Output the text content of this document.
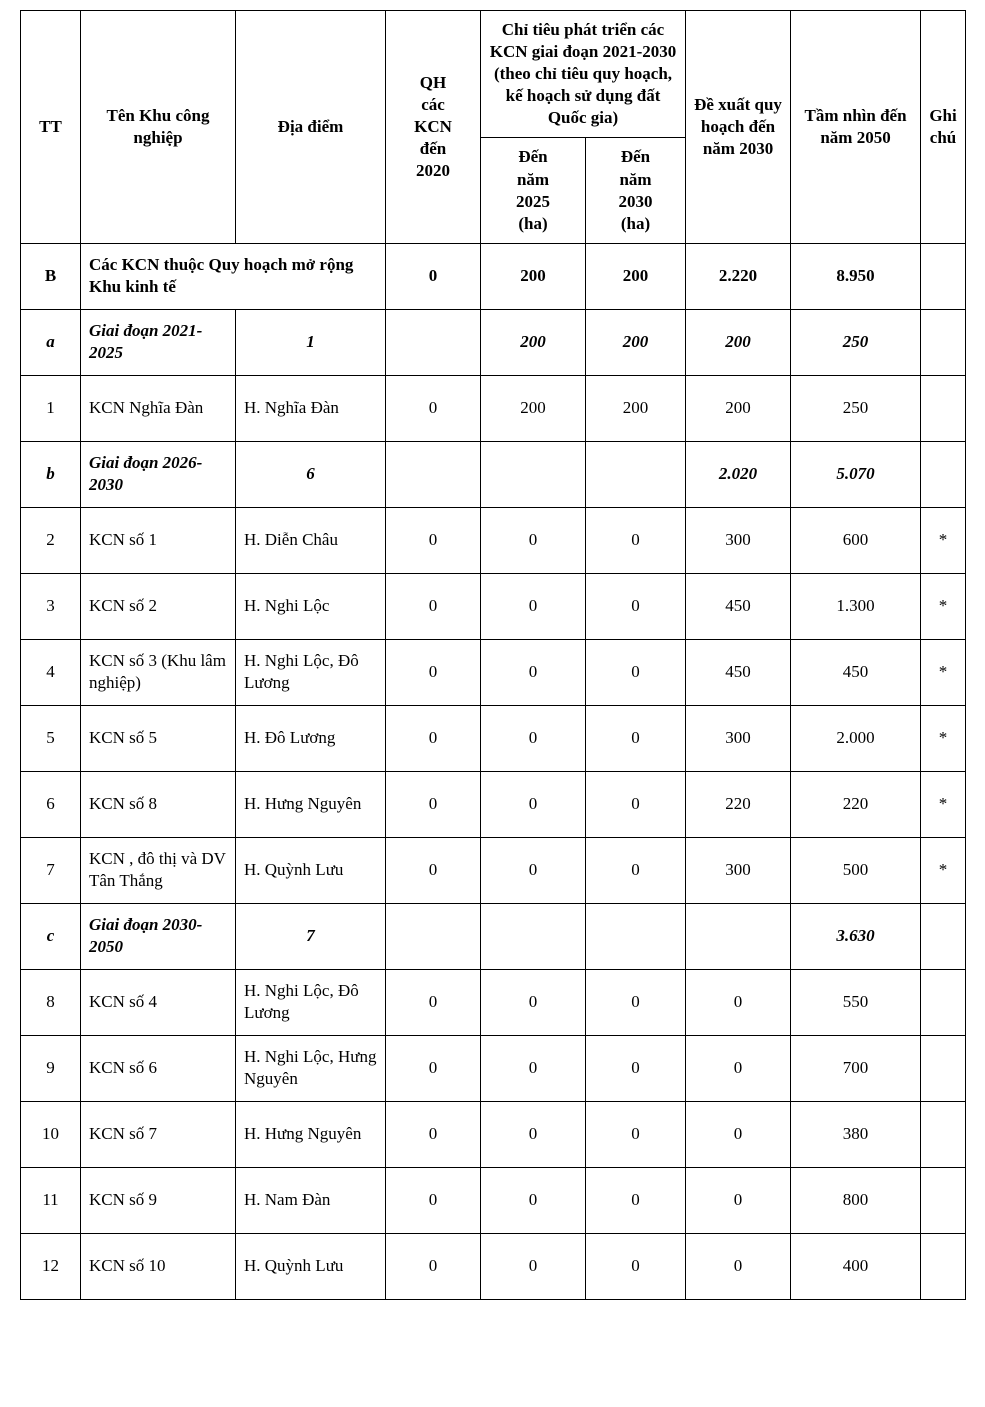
TT	Tên Khu công nghiệp	Địa điểm	QH các KCN đến 2020	Chỉ tiêu phát triển các KCN giai đoạn 2021-2030 (theo chỉ tiêu quy hoạch, kế hoạch sử dụng đất Quốc gia)		Đề xuất quy hoạch đến năm 2030	Tầm nhìn đến năm 2050	Ghi chú
				Đến năm 2025 (ha)	Đến năm 2030 (ha)			
B	Các KCN thuộc Quy hoạch mở rộng Khu kinh tế		0	200	200	2.220	8.950	
a	Giai đoạn 2021-2025	1		200	200	200	250	
1	KCN Nghĩa Đàn	H. Nghĩa Đàn	0	200	200	200	250	
b	Giai đoạn 2026-2030	6				2.020	5.070	
2	KCN số 1	H. Diễn Châu	0	0	0	300	600	*
3	KCN số 2	H. Nghi Lộc	0	0	0	450	1.300	*
4	KCN số 3 (Khu lâm nghiệp)	H. Nghi Lộc, Đô Lương	0	0	0	450	450	*
5	KCN số 5	H. Đô Lương	0	0	0	300	2.000	*
6	KCN số 8	H. Hưng Nguyên	0	0	0	220	220	*
7	KCN , đô thị và DV Tân Thắng	H. Quỳnh Lưu	0	0	0	300	500	*
c	Giai đoạn 2030-2050	7					3.630	
8	KCN số 4	H. Nghi Lộc, Đô Lương	0	0	0	0	550	
9	KCN số 6	H. Nghi Lộc, Hưng Nguyên	0	0	0	0	700	
10	KCN số 7	H. Hưng Nguyên	0	0	0	0	380	
11	KCN số 9	H. Nam Đàn	0	0	0	0	800	
12	KCN số 10	H. Quỳnh Lưu	0	0	0	0	400	
